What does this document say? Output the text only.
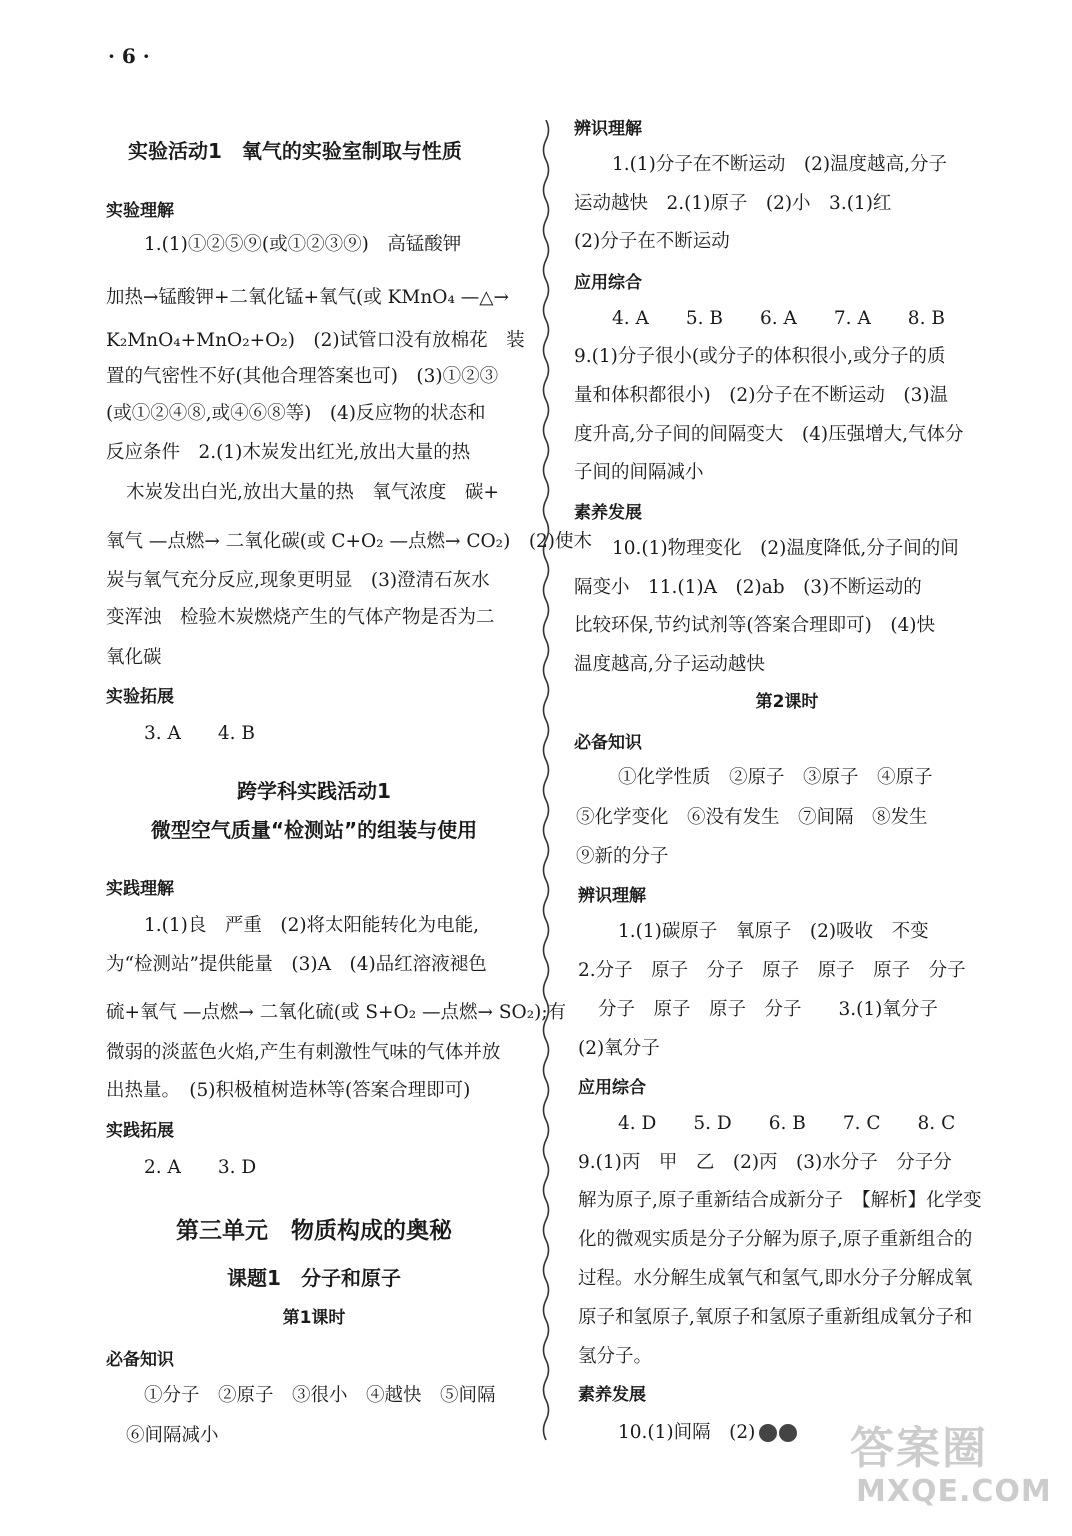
· 6 ·
实验活动1　氧气的实验室制取与性质
实验理解
1.(1)①②⑤⑨(或①②③⑨)　高锰酸钾
加热→锰酸钾+二氧化锰+氧气(或 KMnO₄ —△→
K₂MnO₄+MnO₂+O₂)　(2)试管口没有放棉花　装
置的气密性不好(其他合理答案也可)　(3)①②③
(或①②④⑧,或④⑥⑧等)　(4)反应物的状态和
反应条件　2.(1)木炭发出红光,放出大量的热
木炭发出白光,放出大量的热　氧气浓度　碳+
氧气 —点燃→ 二氧化碳(或 C+O₂ —点燃→ CO₂)　(2)使木
炭与氧气充分反应,现象更明显　(3)澄清石灰水
变浑浊　检验木炭燃烧产生的气体产物是否为二
氧化碳
实验拓展
3. A　　4. B
跨学科实践活动1
微型空气质量“检测站”的组装与使用
实践理解
1.(1)良　严重　(2)将太阳能转化为电能,
为“检测站”提供能量　(3)A　(4)品红溶液褪色
硫+氧气 —点燃→ 二氧化硫(或 S+O₂ —点燃→ SO₂);有
微弱的淡蓝色火焰,产生有刺激性气味的气体并放
出热量。　(5)积极植树造林等(答案合理即可)
实践拓展
2. A　　3. D
第三单元　物质构成的奥秘
课题1　分子和原子
第1课时
必备知识
①分子　②原子　③很小　④越快　⑤间隔
⑥间隔减小
辨识理解
1.(1)分子在不断运动　(2)温度越高,分子
运动越快　2.(1)原子　(2)小　3.(1)红
(2)分子在不断运动
应用综合
4. A　　5. B　　6. A　　7. A　　8. B
9.(1)分子很小(或分子的体积很小,或分子的质
量和体积都很小)　(2)分子在不断运动　(3)温
度升高,分子间的间隔变大　(4)压强增大,气体分
子间的间隔减小
素养发展
10.(1)物理变化　(2)温度降低,分子间的间
隔变小　11.(1)A　(2)ab　(3)不断运动的
比较环保,节约试剂等(答案合理即可)　(4)快
温度越高,分子运动越快
第2课时
必备知识
①化学性质　②原子　③原子　④原子
⑤化学变化　⑥没有发生　⑦间隔　⑧发生
⑨新的分子
辨识理解
1.(1)碳原子　氧原子　(2)吸收　不变
2.分子　原子　分子　原子　原子　原子　分子
分子　原子　原子　分子　　3.(1)氧分子
(2)氧分子
应用综合
4. D　　5. D　　6. B　　7. C　　8. C
9.(1)丙　甲　乙　(2)丙　(3)水分子　分子分
解为原子,原子重新结合成新分子　【解析】化学变
化的微观实质是分子分解为原子,原子重新组合的
过程。水分解生成氧气和氢气,即水分子分解成氧
原子和氢原子,氧原子和氢原子重新组成氧分子和
氢分子。
素养发展
10.(1)间隔　(2)	答案圈
MXQE.COM
